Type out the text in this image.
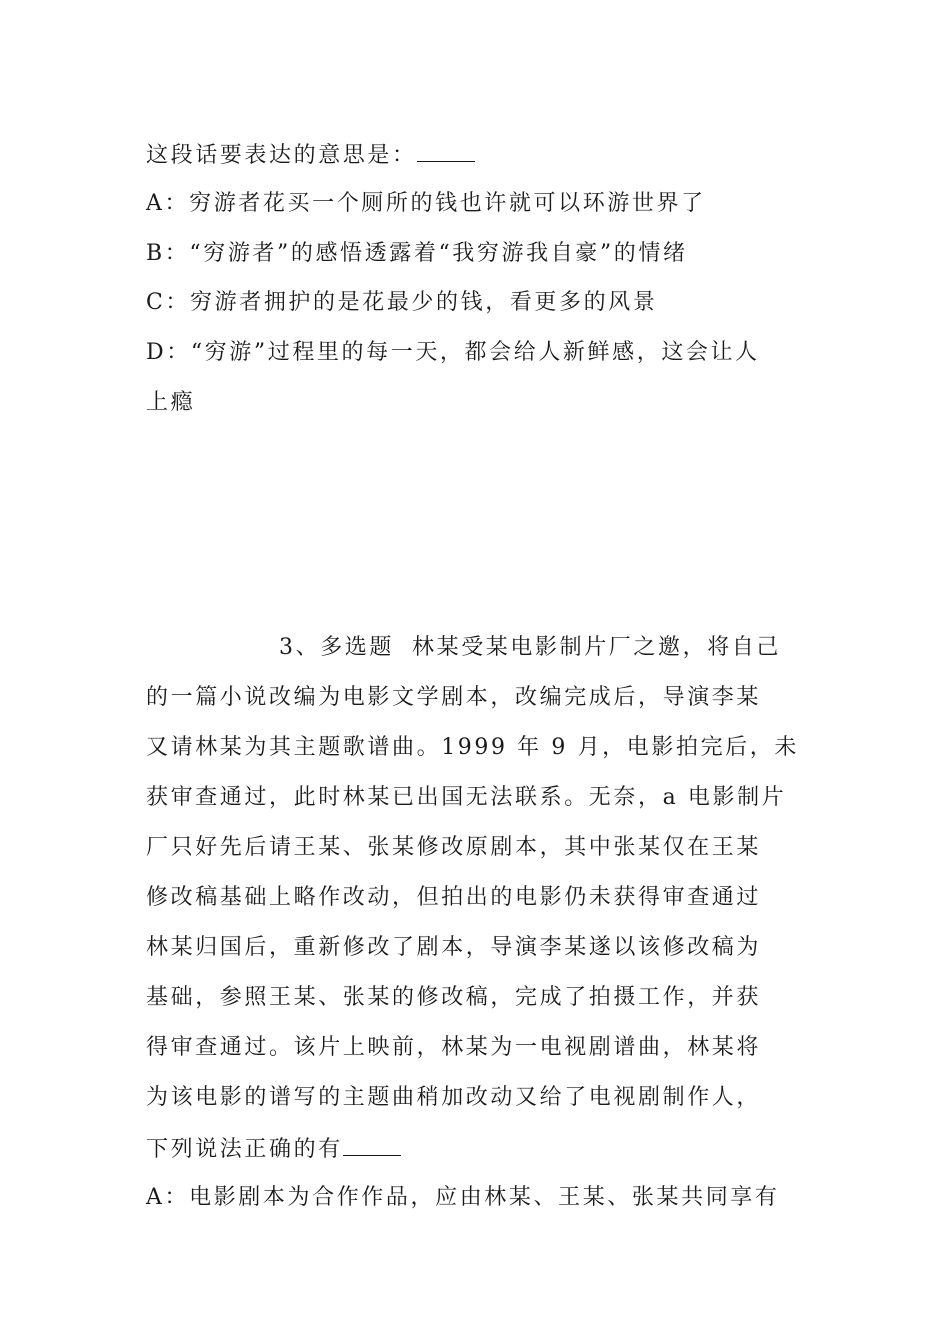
这段话要表达的意思是：
A：穷游者花买一个厕所的钱也许就可以环游世界了
B：“穷游者”的感悟透露着“我穷游我自豪”的情绪
C：穷游者拥护的是花最少的钱，看更多的风景
D：“穷游”过程里的每一天，都会给人新鲜感，这会让人
上瘾
3、多选题 林某受某电影制片厂之邀，将自己
的一篇小说改编为电影文学剧本，改编完成后，导演李某
又请林某为其主题歌谱曲。1999 年 9 月，电影拍完后，未
获审查通过，此时林某已出国无法联系。无奈，a 电影制片
厂只好先后请王某、张某修改原剧本，其中张某仅在王某
修改稿基础上略作改动，但拍出的电影仍未获得审查通过
林某归国后，重新修改了剧本，导演李某遂以该修改稿为
基础，参照王某、张某的修改稿，完成了拍摄工作，并获
得审查通过。该片上映前，林某为一电视剧谱曲，林某将
为该电影的谱写的主题曲稍加改动又给了电视剧制作人，
下列说法正确的有
A：电影剧本为合作作品，应由林某、王某、张某共同享有
